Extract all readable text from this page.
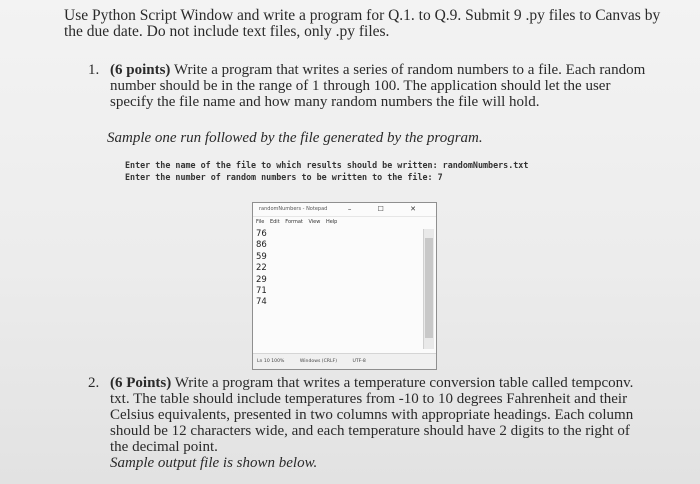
Use Python Script Window and write a program for Q.1. to Q.9. Submit 9 .py files to Canvas by the due date. Do not include text files, only .py files.
1. (6 points) Write a program that writes a series of random numbers to a file. Each random number should be in the range of 1 through 100. The application should let the user specify the file name and how many random numbers the file will hold.
Sample one run followed by the file generated by the program.
Enter the name of the file to which results should be written: randomNumbers.txt
Enter the number of random numbers to be written to the file: 7
randomNumbers - Notepad	– ☐ ✕
File Edit Format View Help
76
86
59
22
29
71
74
Ln 10 100%	Windows (CRLF)	UTF-8
2. (6 Points) Write a program that writes a temperature conversion table called tempconv. txt. The table should include temperatures from -10 to 10 degrees Fahrenheit and their Celsius equivalents, presented in two columns with appropriate headings. Each column should be 12 characters wide, and each temperature should have 2 digits to the right of the decimal point.
Sample output file is shown below.
